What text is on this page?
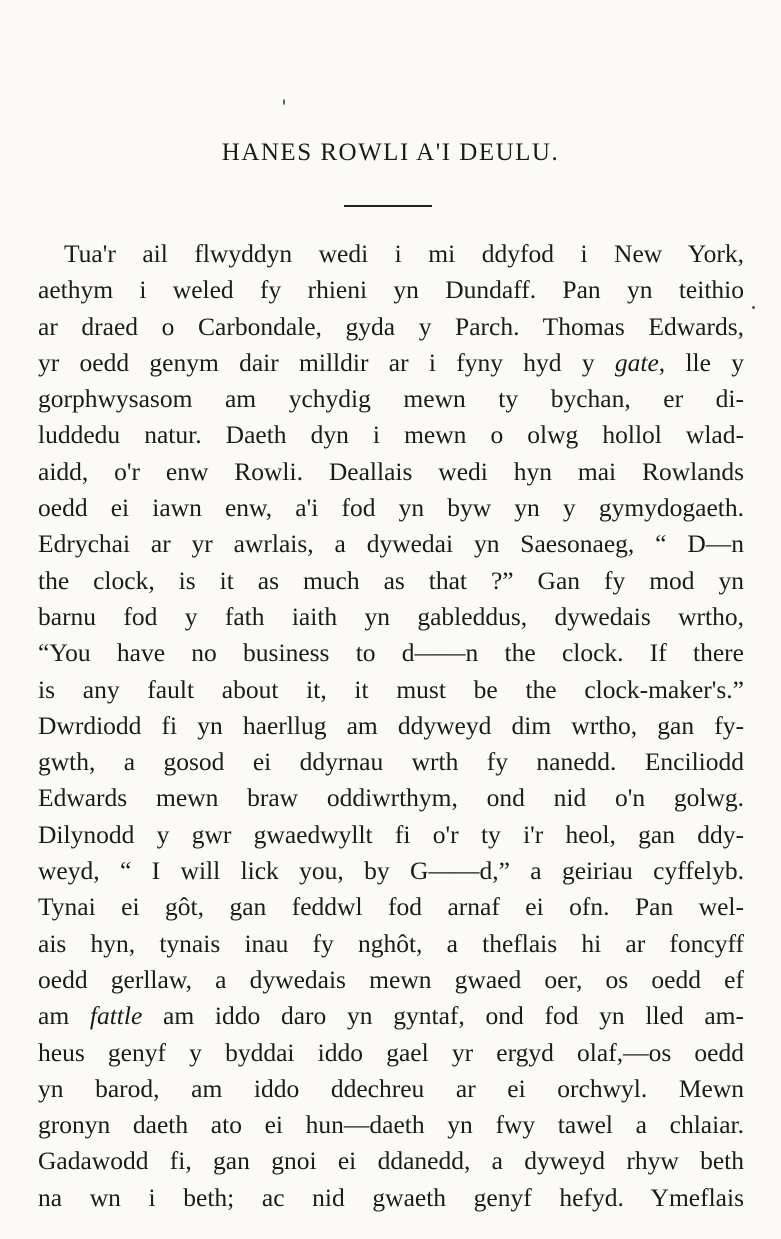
HANES ROWLI A'I DEULU.
Tua'r ail flwyddyn wedi i mi ddyfod i New York,
aethym i weled fy rhieni yn Dundaff. Pan yn teithio
ar draed o Carbondale, gyda y Parch. Thomas Edwards,
yr oedd genym dair milldir ar i fyny hyd y gate, lle y
gorphwysasom am ychydig mewn ty bychan, er di-
luddedu natur. Daeth dyn i mewn o olwg hollol wlad-
aidd, o'r enw Rowli. Deallais wedi hyn mai Rowlands
oedd ei iawn enw, a'i fod yn byw yn y gymydogaeth.
Edrychai ar yr awrlais, a dywedai yn Saesonaeg, “ D—n
the clock, is it as much as that ?” Gan fy mod yn
barnu fod y fath iaith yn gableddus, dywedais wrtho,
“You have no business to d——n the clock. If there
is any fault about it, it must be the clock-maker's.”
Dwrdiodd fi yn haerllug am ddyweyd dim wrtho, gan fy-
gwth, a gosod ei ddyrnau wrth fy nanedd. Enciliodd
Edwards mewn braw oddiwrthym, ond nid o'n golwg.
Dilynodd y gwr gwaedwyllt fi o'r ty i'r heol, gan ddy-
weyd, “ I will lick you, by G——d,” a geiriau cyffelyb.
Tynai ei gôt, gan feddwl fod arnaf ei ofn. Pan wel-
ais hyn, tynais inau fy nghôt, a theflais hi ar foncyff
oedd gerllaw, a dywedais mewn gwaed oer, os oedd ef
am fattle am iddo daro yn gyntaf, ond fod yn lled am-
heus genyf y byddai iddo gael yr ergyd olaf,—os oedd
yn barod, am iddo ddechreu ar ei orchwyl. Mewn
gronyn daeth ato ei hun—daeth yn fwy tawel a chlaiar.
Gadawodd fi, gan gnoi ei ddanedd, a dyweyd rhyw beth
na wn i beth; ac nid gwaeth genyf hefyd. Ymeflais
